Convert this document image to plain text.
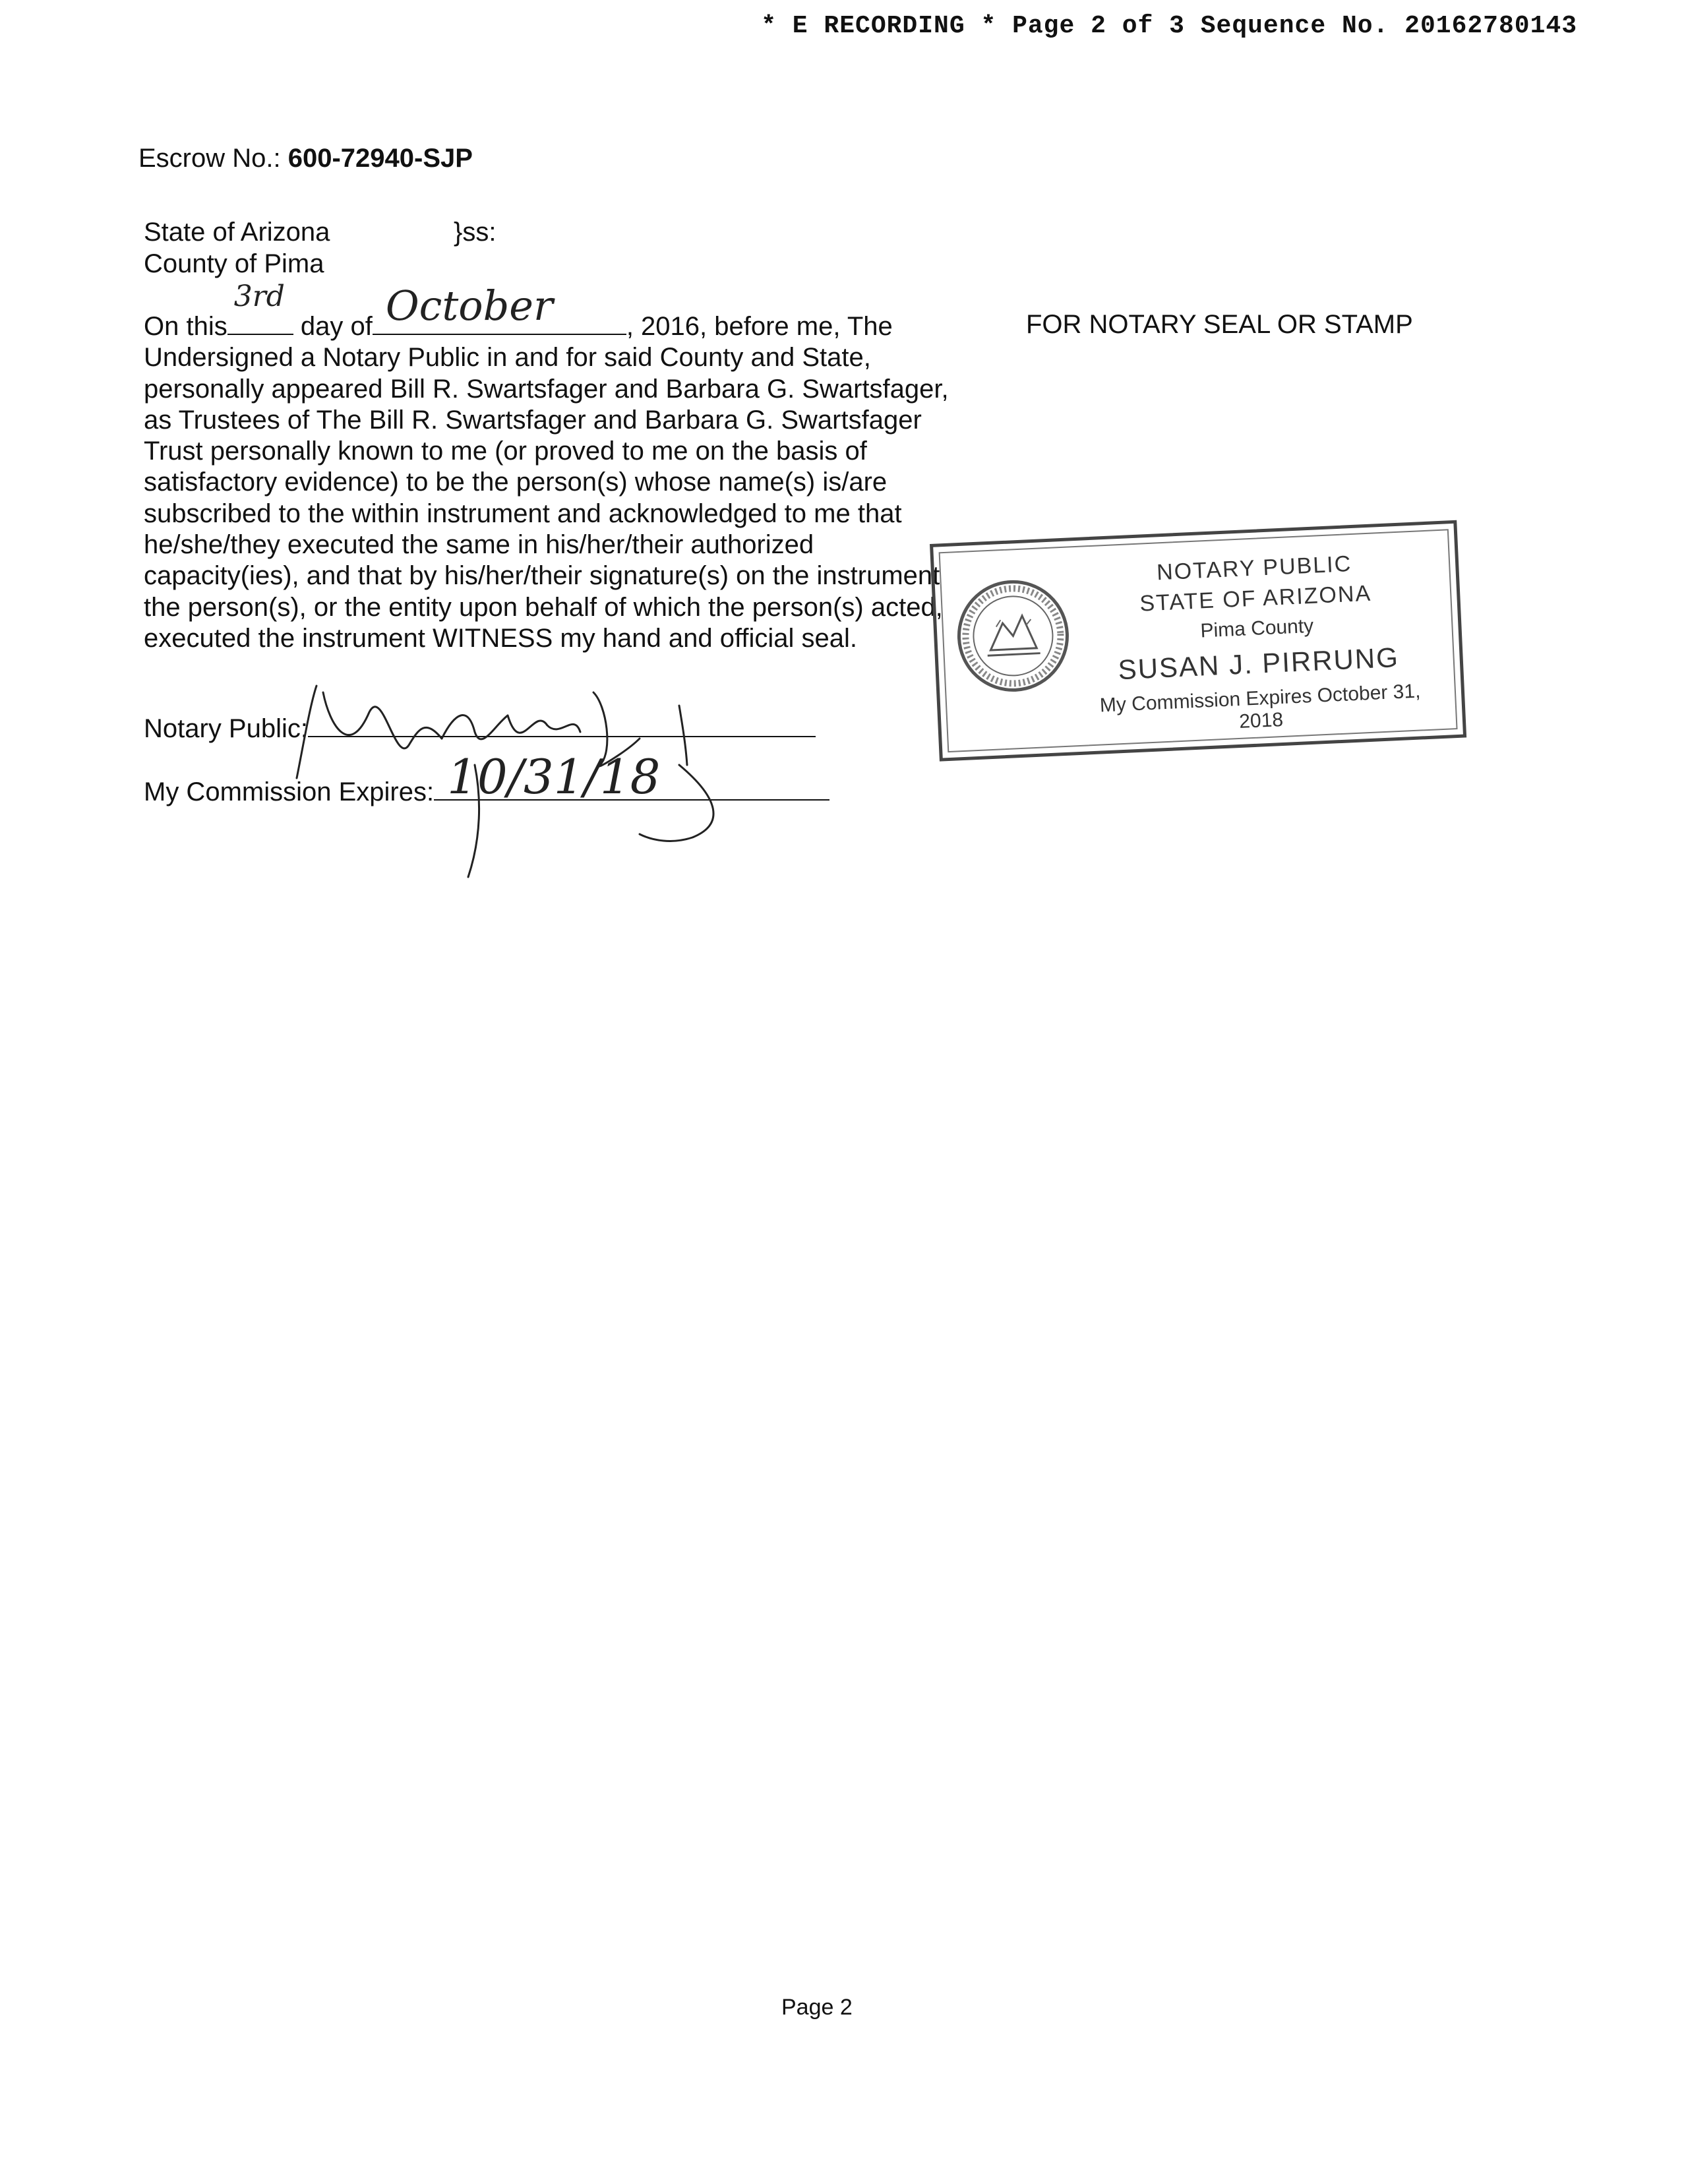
* E RECORDING * Page 2 of 3 Sequence No. 20162780143
Escrow No.: 600-72940-SJP
State of Arizona	}ss:
County of Pima
On this
3rd
day of October	, 2016, before me, The Undersigned a Notary Public in and for said County and State, personally appeared Bill R. Swartsfager and Barbara G. Swartsfager, as Trustees of The Bill R. Swartsfager and Barbara G. Swartsfager Trust personally known to me (or proved to me on the basis of satisfactory evidence) to be the person(s) whose name(s) is/are subscribed to the within instrument and acknowledged to me that he/she/they executed the same in his/her/their authorized capacity(ies), and that by his/her/their signature(s) on the instrument the person(s), or the entity upon behalf of which the person(s) acted, executed the instrument WITNESS my hand and official seal.
FOR NOTARY SEAL OR STAMP
Notary Public:
My Commission Expires: 10/31/18
NOTARY PUBLIC
STATE OF ARIZONA
Pima County
SUSAN J. PIRRUNG
My Commission Expires October 31, 2018
Page 2
